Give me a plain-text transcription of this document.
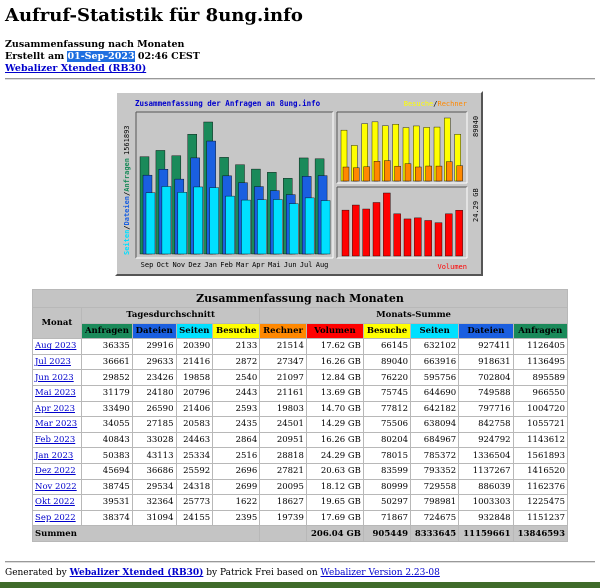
Aufruf-Statistik für 8ung.info
Zusammenfassung nach Monaten
Erstellt am 01-Sep-2023 02:46 CEST
Webalizer Xtended (RB30)
Zusammenfassung der Anfragen an 8ung.info
Seiten/Dateien/Anfragen
1561893
Sep Oct Nov Dez Jan Feb Mar Apr Mai Jun Jul Aug
Besuche/Rechner
Volumen
89040
24.29 GB
Zusammenfassung nach Monaten										
Monat	Tagesdurchschnitt				Monats-Summe					
	Anfragen	Dateien	Seiten	Besuche	Rechner	Volumen	Besuche	Seiten	Dateien	Anfragen
Aug 2023	36335	29916	20390	2133	21514	17.62 GB	66145	632102	927411	1126405
Jul 2023	36661	29633	21416	2872	27347	16.26 GB	89040	663916	918631	1136495
Jun 2023	29852	23426	19858	2540	21097	12.84 GB	76220	595756	702804	895589
Mai 2023	31179	24180	20796	2443	21161	13.69 GB	75745	644690	749588	966550
Apr 2023	33490	26590	21406	2593	19803	14.70 GB	77812	642182	797716	1004720
Mar 2023	34055	27185	20583	2435	24501	14.29 GB	75506	638094	842758	1055721
Feb 2023	40843	33028	24463	2864	20951	16.26 GB	80204	684967	924792	1143612
Jan 2023	50383	43113	25334	2516	28818	24.29 GB	78015	785372	1336504	1561893
Dez 2022	45694	36686	25592	2696	27821	20.63 GB	83599	793352	1137267	1416520
Nov 2022	38745	29534	24318	2699	20095	18.12 GB	80999	729558	886039	1162376
Okt 2022	39531	32364	25773	1622	18627	19.65 GB	50297	798981	1003303	1225475
Sep 2022	38374	31094	24155	2395	19739	17.69 GB	71867	724675	932848	1151237
Summen						206.04 GB	905449	8333645	11159661	13846593
Generated by Webalizer Xtended (RB30) by Patrick Frei based on Webalizer Version 2.23-08
